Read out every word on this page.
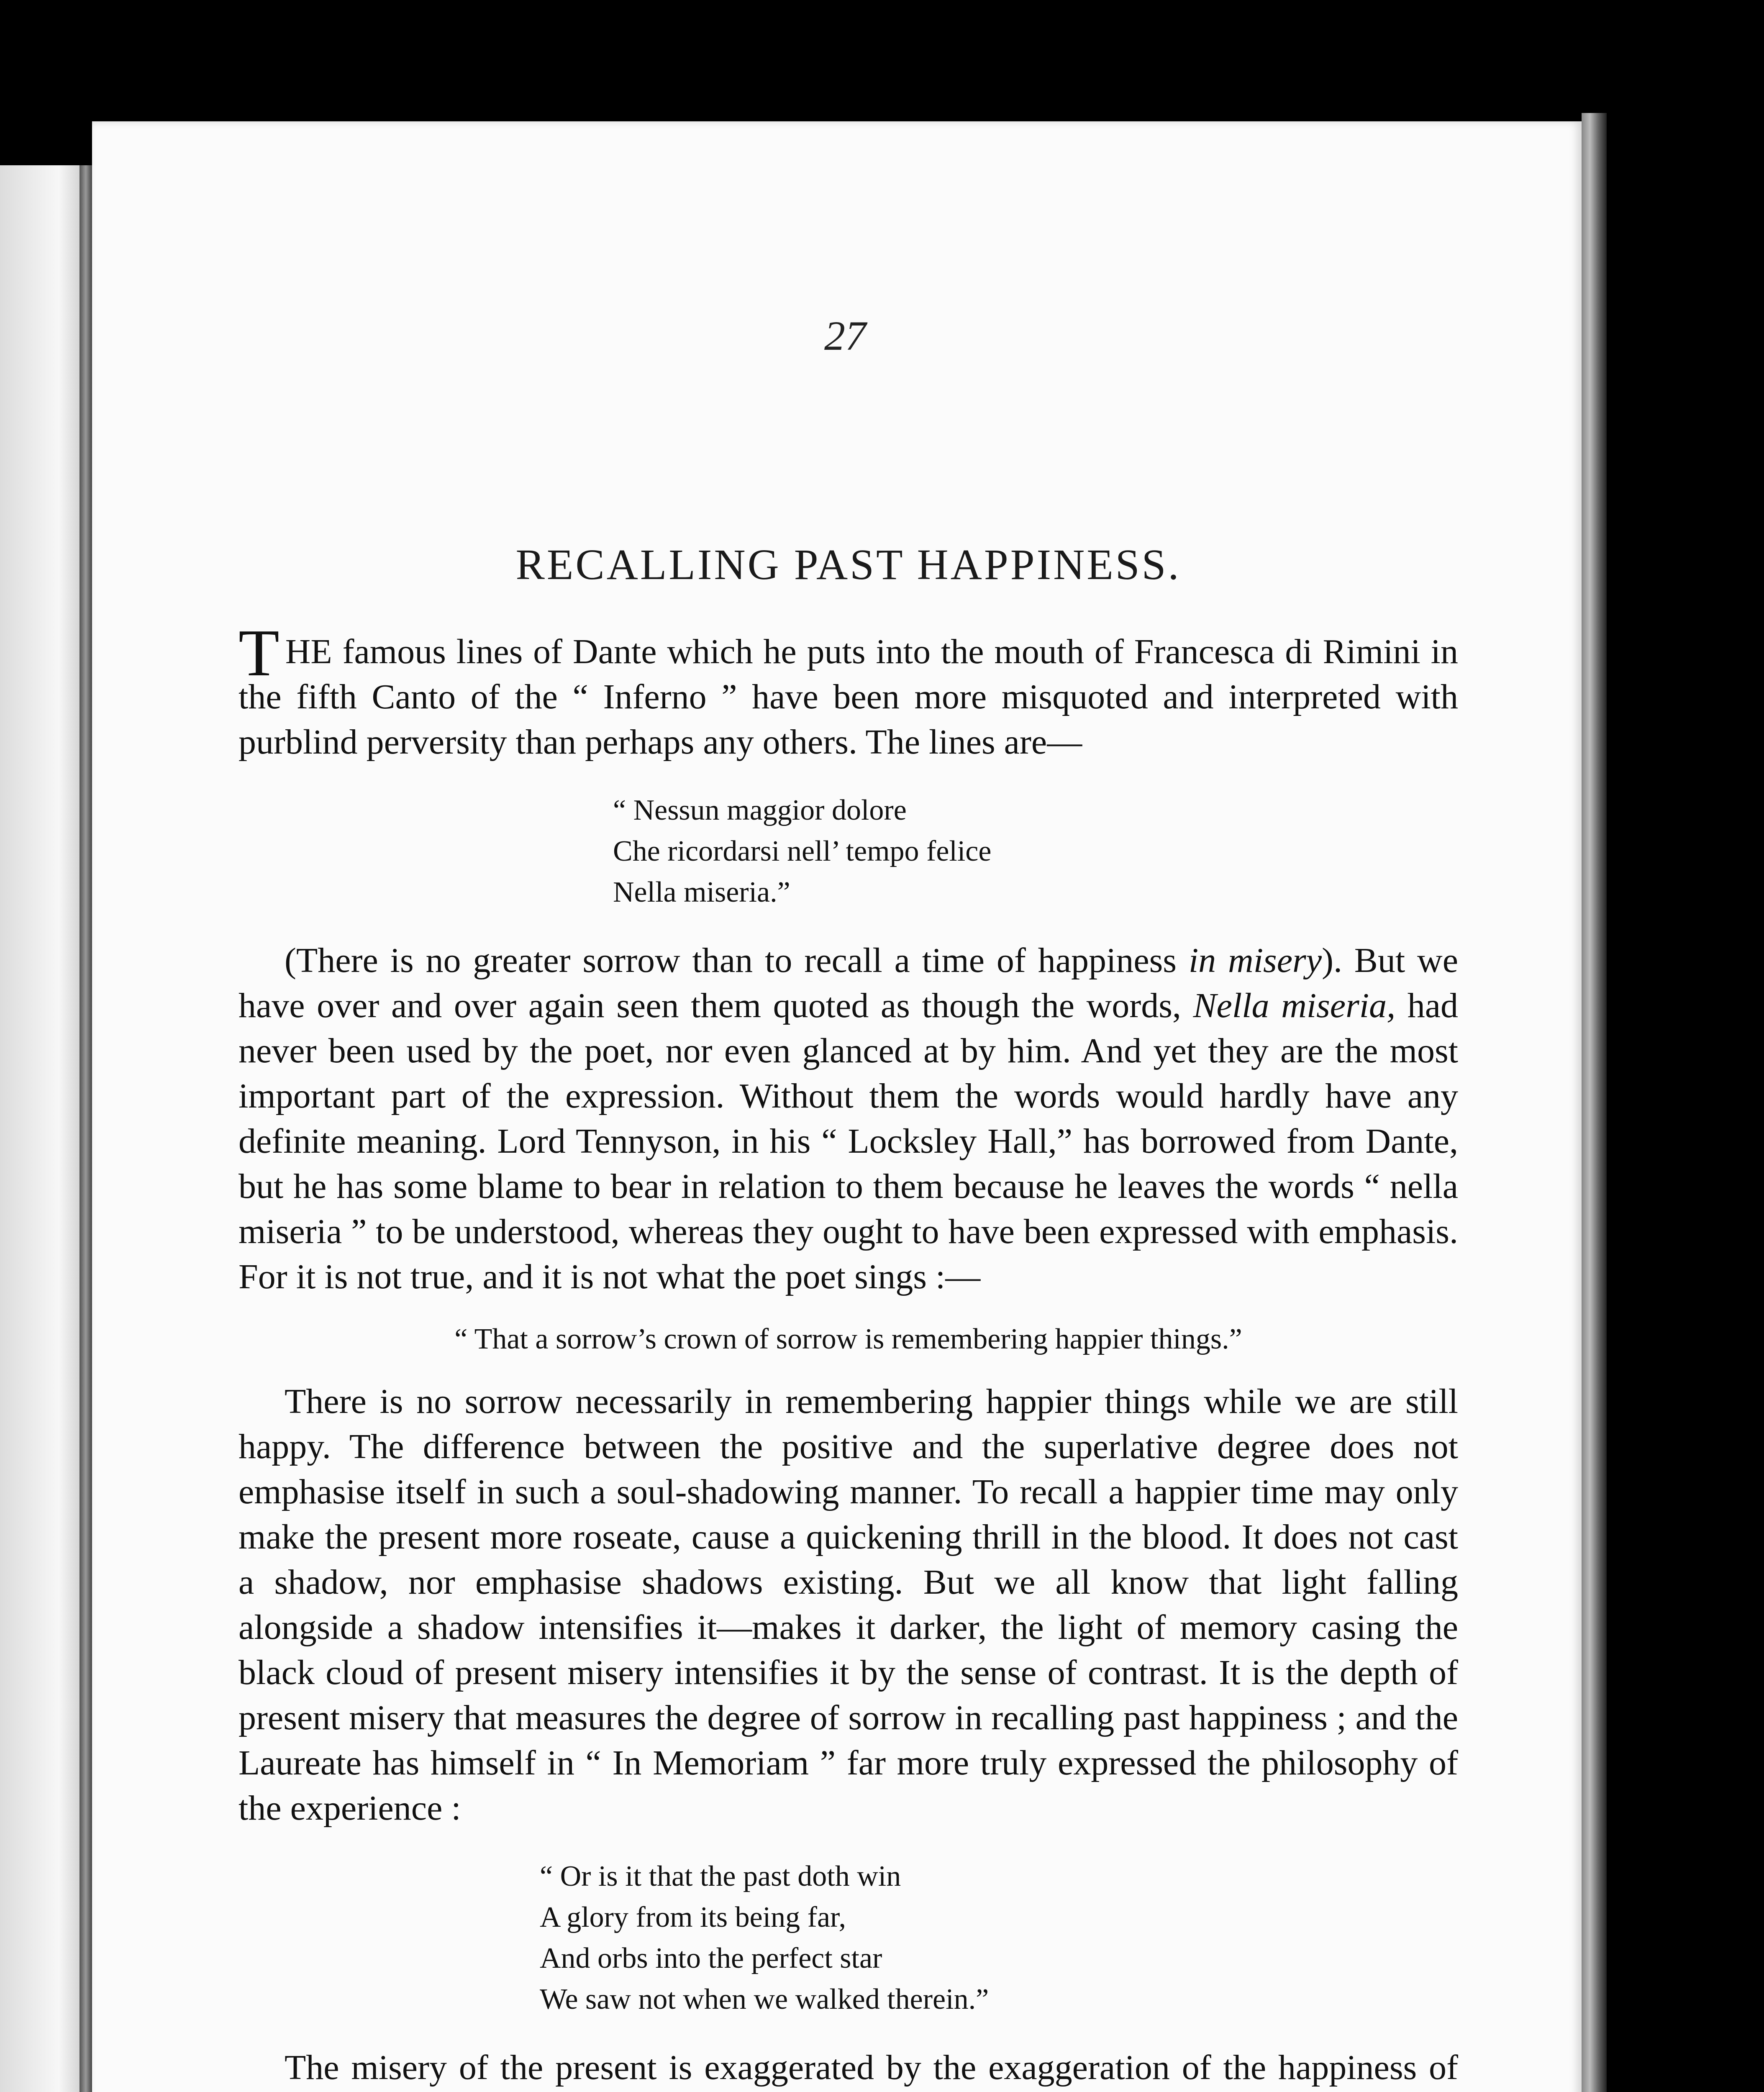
27
RECALLING PAST HAPPINESS.

THE famous lines of Dante which he puts into the mouth of Francesca di Rimini in the fifth Canto of the “ Inferno ” have been more misquoted and interpreted with purblind perversity than perhaps any others. The lines are—

“ Nessun maggior dolore
Che ricordarsi nell’ tempo felice
Nella miseria.”

(There is no greater sorrow than to recall a time of happiness in misery). But we have over and over again seen them quoted as though the words, Nella miseria, had never been used by the poet, nor even glanced at by him. And yet they are the most important part of the expression. Without them the words would hardly have any definite meaning. Lord Tennyson, in his “ Locksley Hall,” has borrowed from Dante, but he has some blame to bear in relation to them because he leaves the words “ nella miseria ” to be understood, whereas they ought to have been expressed with emphasis. For it is not true, and it is not what the poet sings :—

“ That a sorrow’s crown of sorrow is remembering happier things.”

There is no sorrow necessarily in remembering happier things while we are still happy. The difference between the positive and the superlative degree does not emphasise itself in such a soul-shadowing manner. To recall a happier time may only make the present more roseate, cause a quickening thrill in the blood. It does not cast a shadow, nor emphasise shadows existing. But we all know that light falling alongside a shadow intensifies it—makes it darker, the light of memory casing the black cloud of present misery intensifies it by the sense of contrast. It is the depth of present misery that measures the degree of sorrow in recalling past happiness ; and the Laureate has himself in “ In Memoriam ” far more truly expressed the philosophy of the experience :

“ Or is it that the past doth win
A glory from its being far,
And orbs into the perfect star
We saw not when we walked therein.”

The misery of the present is exaggerated by the exaggeration of the happiness of
